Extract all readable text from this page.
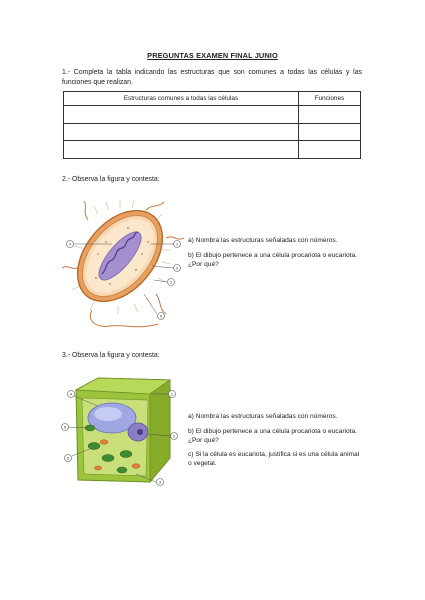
PREGUNTAS EXAMEN FINAL JUNIO
1.- Completa la tabla indicando las estructuras que son comunes a todas las células y las funciones que realizan.
Estructuras comunes a todas las células	Funciones

2.- Observa la figura y contesta:
4	1
2
3
5
a) Nombra las estructuras señaladas con números.
b) El dibujo pertenece a una célula procariota o eucariota. ¿Por qué?
3.- Observa la figura y contesta:
4	1
5
2
6
3
a) Nombra las estructuras señaladas con números.
b) El dibujo pertenece a una célula procariota o eucariota. ¿Por qué?
c) Si la célula es eucariota, justifica si es una célula animal o vegetal.
